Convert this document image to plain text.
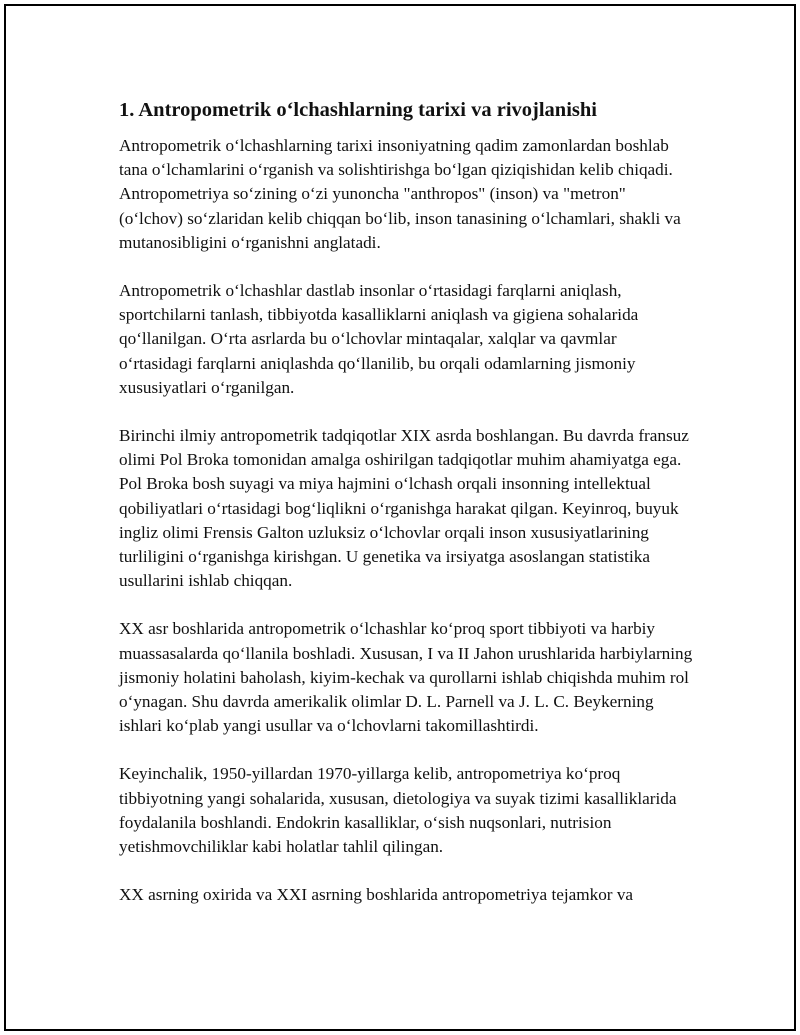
1. Antropometrik o‘lchashlarning tarixi va rivojlanishi

Antropometrik o‘lchashlarning tarixi insoniyatning qadim zamonlardan boshlab tana o‘lchamlarini o‘rganish va solishtirishga bo‘lgan qiziqishidan kelib chiqadi. Antropometriya so‘zining o‘zi yunoncha "anthropos" (inson) va "metron" (o‘lchov) so‘zlaridan kelib chiqqan bo‘lib, inson tanasining o‘lchamlari, shakli va mutanosibligini o‘rganishni anglatadi.

Antropometrik o‘lchashlar dastlab insonlar o‘rtasidagi farqlarni aniqlash, sportchilarni tanlash, tibbiyotda kasalliklarni aniqlash va gigiena sohalarida qo‘llanilgan. O‘rta asrlarda bu o‘lchovlar mintaqalar, xalqlar va qavmlar o‘rtasidagi farqlarni aniqlashda qo‘llanilib, bu orqali odamlarning jismoniy xususiyatlari o‘rganilgan.

Birinchi ilmiy antropometrik tadqiqotlar XIX asrda boshlangan. Bu davrda fransuz olimi Pol Broka tomonidan amalga oshirilgan tadqiqotlar muhim ahamiyatga ega. Pol Broka bosh suyagi va miya hajmini o‘lchash orqali insonning intellektual qobiliyatlari o‘rtasidagi bog‘liqlikni o‘rganishga harakat qilgan. Keyinroq, buyuk ingliz olimi Frensis Galton uzluksiz o‘lchovlar orqali inson xususiyatlarining turliligini o‘rganishga kirishgan. U genetika va irsiyatga asoslangan statistika usullarini ishlab chiqqan.

XX asr boshlarida antropometrik o‘lchashlar ko‘proq sport tibbiyoti va harbiy muassasalarda qo‘llanila boshladi. Xususan, I va II Jahon urushlarida harbiylarning jismoniy holatini baholash, kiyim-kechak va qurollarni ishlab chiqishda muhim rol o‘ynagan. Shu davrda amerikalik olimlar D. L. Parnell va J. L. C. Beykerning ishlari ko‘plab yangi usullar va o‘lchovlarni takomillashtirdi.

Keyinchalik, 1950-yillardan 1970-yillarga kelib, antropometriya ko‘proq tibbiyotning yangi sohalarida, xususan, dietologiya va suyak tizimi kasalliklarida foydalanila boshlandi. Endokrin kasalliklar, oʻsish nuqsonlari, nutrision yetishmovchiliklar kabi holatlar tahlil qilingan.

XX asrning oxirida va XXI asrning boshlarida antropometriya tejamkor va
